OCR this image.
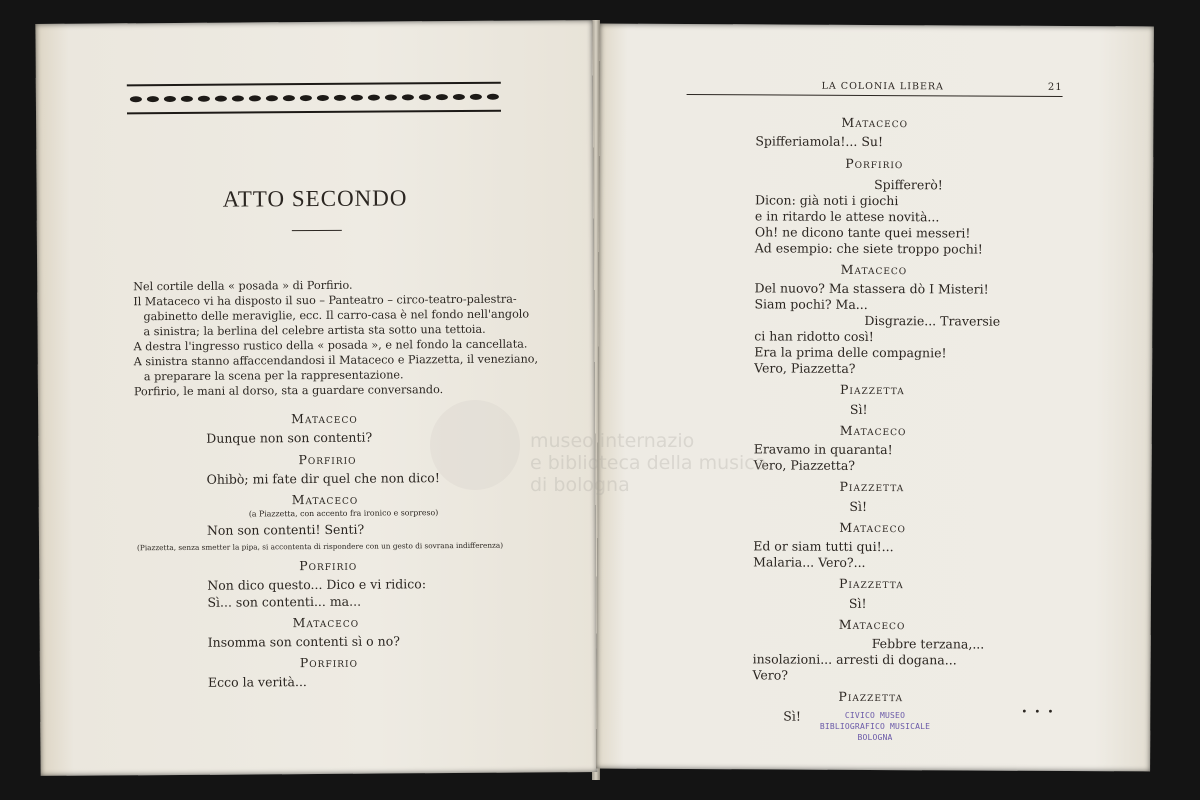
ATTO SECONDO
Nel cortile della « posada » di Porfirio.
Il Mataceco vi ha disposto il suo – Panteatro – circo-teatro-palestra-
gabinetto delle meraviglie, ecc. Il carro-casa è nel fondo nell'angolo
a sinistra; la berlina del celebre artista sta sotto una tettoia.
A destra l'ingresso rustico della « posada », e nel fondo la cancellata.
A sinistra stanno affaccendandosi il Mataceco e Piazzetta, il veneziano,
a preparare la scena per la rappresentazione.
Porfirio, le mani al dorso, sta a guardare conversando.
Mataceco
Dunque non son contenti?
Porfirio
Ohibò; mi fate dir quel che non dico!
Mataceco
(a Piazzetta, con accento fra ironico e sorpreso)
Non son contenti! Senti?
(Piazzetta, senza smetter la pipa, si accontenta di rispondere con un gesto di sovrana indifferenza)
Porfirio
Non dico questo... Dico e vi ridico:
Sì... son contenti... ma...
Mataceco
Insomma son contenti sì o no?
Porfirio
Ecco la verità...
LA COLONIA LIBERA	21
Mataceco
Spifferiamola!... Su!
Porfirio
Spiffererò!
Dicon: già noti i giochi
e in ritardo le attese novità...
Oh! ne dicono tante quei messeri!
Ad esempio: che siete troppo pochi!
Mataceco
Del nuovo? Ma stassera dò I Misteri!
Siam pochi? Ma...
Disgrazie... Traversie
ci han ridotto così!
Era la prima delle compagnie!
Vero, Piazzetta?
Piazzetta
Sì!
Mataceco
Eravamo in quaranta!
Vero, Piazzetta?
Piazzetta
Sì!
Mataceco
Ed or siam tutti qui!...
Malaria... Vero?...
Piazzetta
Sì!
Mataceco
Febbre terzana,...
insolazioni... arresti di dogana...
Vero?
Piazzetta
Sì!	• • •
museo internazio
e biblioteca della musica
di bologna
CIVICO MUSEO
BIBLIOGRAFICO MUSICALE
BOLOGNA
